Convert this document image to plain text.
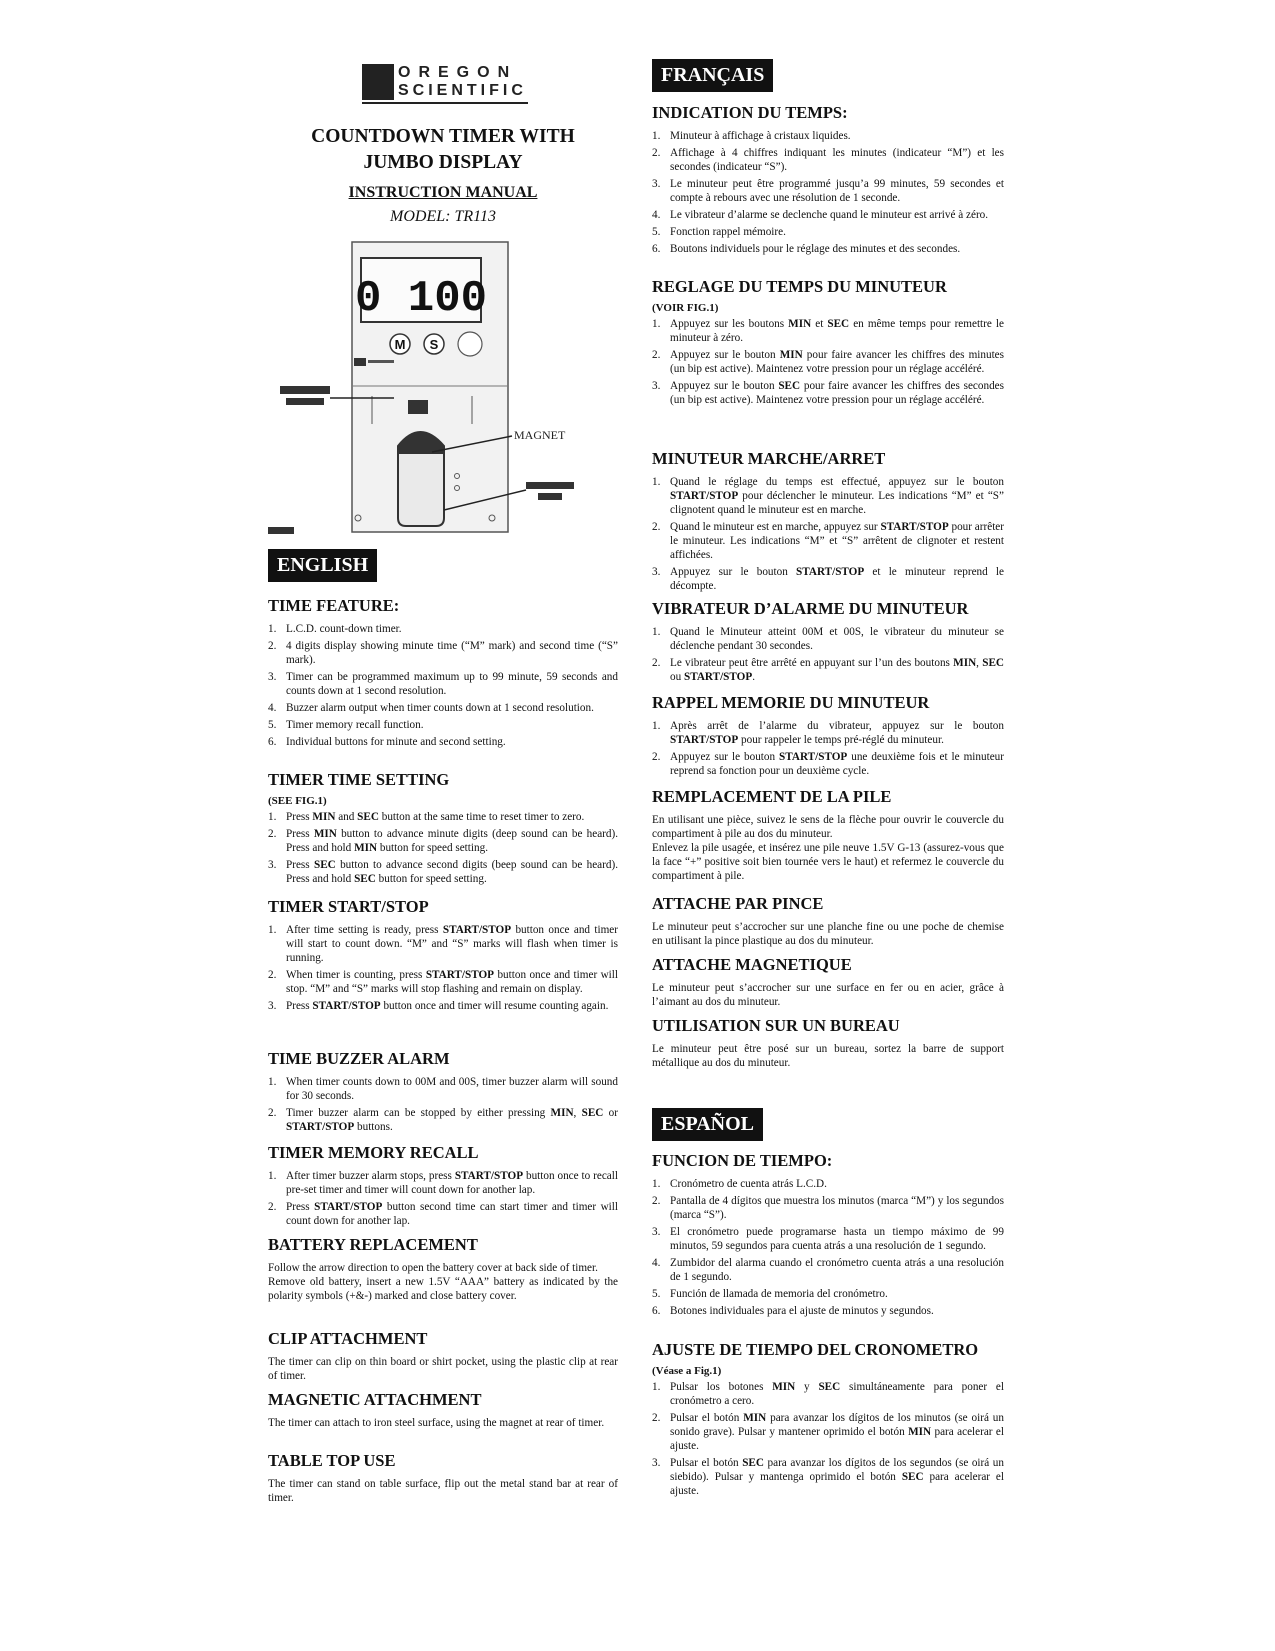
OREGON
SCIENTIFIC
COUNTDOWN TIMER WITH
JUMBO DISPLAY
INSTRUCTION MANUAL
MODEL: TR113
0 100
M S
MAGNET
ENGLISH
TIME FEATURE:
1. L.C.D. count-down timer.
2. 4 digits display showing minute time (“M” mark) and second time (“S” mark).
3. Timer can be programmed maximum up to 99 minute, 59 seconds and counts down at 1 second resolution.
4. Buzzer alarm output when timer counts down at 1 second resolution.
5. Timer memory recall function.
6. Individual buttons for minute and second setting.
TIMER TIME SETTING
(SEE FIG.1)
1. Press MIN and SEC button at the same time to reset timer to zero.
2. Press MIN button to advance minute digits (deep sound can be heard). Press and hold MIN button for speed setting.
3. Press SEC button to advance second digits (beep sound can be heard). Press and hold SEC button for speed setting.
TIMER START/STOP
1. After time setting is ready, press START/STOP button once and timer will start to count down. “M” and “S” marks will flash when timer is running.
2. When timer is counting, press START/STOP button once and timer will stop. “M” and “S” marks will stop flashing and remain on display.
3. Press START/STOP button once and timer will resume counting again.
TIME BUZZER ALARM
1. When timer counts down to 00M and 00S, timer buzzer alarm will sound for 30 seconds.
2. Timer buzzer alarm can be stopped by either pressing MIN, SEC or START/STOP buttons.
TIMER MEMORY RECALL
1. After timer buzzer alarm stops, press START/STOP button once to recall pre-set timer and timer will count down for another lap.
2. Press START/STOP button second time can start timer and timer will count down for another lap.
BATTERY REPLACEMENT

Follow the arrow direction to open the battery cover at back side of timer.

Remove old battery, insert a new 1.5V “AAA” battery as indicated by the polarity symbols (+&-) marked and close battery cover.

CLIP ATTACHMENT

The timer can clip on thin board or shirt pocket, using the plastic clip at rear of timer.

MAGNETIC ATTACHMENT

The timer can attach to iron steel surface, using the magnet at rear of timer.

TABLE TOP USE

The timer can stand on table surface, flip out the metal stand bar at rear of timer.

FRANÇAIS
INDICATION DU TEMPS:
1. Minuteur à affichage à cristaux liquides.
2. Affichage à 4 chiffres indiquant les minutes (indicateur “M”) et les secondes (indicateur “S”).
3. Le minuteur peut être programmé jusqu’a 99 minutes, 59 secondes et compte à rebours avec une résolution de 1 seconde.
4. Le vibrateur d’alarme se declenche quand le minuteur est arrivé à zéro.
5. Fonction rappel mémoire.
6. Boutons individuels pour le réglage des minutes et des secondes.
REGLAGE DU TEMPS DU MINUTEUR
(VOIR FIG.1)
1. Appuyez sur les boutons MIN et SEC en même temps pour remettre le minuteur à zéro.
2. Appuyez sur le bouton MIN pour faire avancer les chiffres des minutes (un bip est active). Maintenez votre pression pour un réglage accéléré.
3. Appuyez sur le bouton SEC pour faire avancer les chiffres des secondes (un bip est active). Maintenez votre pression pour un réglage accéléré.
MINUTEUR MARCHE/ARRET
1. Quand le réglage du temps est effectué, appuyez sur le bouton START/STOP pour déclencher le minuteur. Les indications “M” et “S” clignotent quand le minuteur est en marche.
2. Quand le minuteur est en marche, appuyez sur START/STOP pour arrêter le minuteur. Les indications “M” et “S” arrêtent de clignoter et restent affichées.
3. Appuyez sur le bouton START/STOP et le minuteur reprend le décompte.
VIBRATEUR D’ALARME DU MINUTEUR
1. Quand le Minuteur atteint 00M et 00S, le vibrateur du minuteur se déclenche pendant 30 secondes.
2. Le vibrateur peut être arrêté en appuyant sur l’un des boutons MIN, SEC ou START/STOP.
RAPPEL MEMORIE DU MINUTEUR
1. Après arrêt de l’alarme du vibrateur, appuyez sur le bouton START/STOP pour rappeler le temps pré-réglé du minuteur.
2. Appuyez sur le bouton START/STOP une deuxième fois et le minuteur reprend sa fonction pour un deuxième cycle.
REMPLACEMENT DE LA PILE

En utilisant une pièce, suivez le sens de la flèche pour ouvrir le couvercle du compartiment à pile au dos du minuteur.

Enlevez la pile usagée, et insérez une pile neuve 1.5V G-13 (assurez-vous que la face “+” positive soit bien tournée vers le haut) et refermez le couvercle du compartiment à pile.

ATTACHE PAR PINCE

Le minuteur peut s’accrocher sur une planche fine ou une poche de chemise en utilisant la pince plastique au dos du minuteur.

ATTACHE MAGNETIQUE

Le minuteur peut s’accrocher sur une surface en fer ou en acier, grâce à l’aimant au dos du minuteur.

UTILISATION SUR UN BUREAU

Le minuteur peut être posé sur un bureau, sortez la barre de support métallique au dos du minuteur.

ESPAÑOL
FUNCION DE TIEMPO:
1. Cronómetro de cuenta atrás L.C.D.
2. Pantalla de 4 dígitos que muestra los minutos (marca “M”) y los segundos (marca “S”).
3. El cronómetro puede programarse hasta un tiempo máximo de 99 minutos, 59 segundos para cuenta atrás a una resolución de 1 segundo.
4. Zumbidor del alarma cuando el cronómetro cuenta atrás a una resolución de 1 segundo.
5. Función de llamada de memoria del cronómetro.
6. Botones individuales para el ajuste de minutos y segundos.
AJUSTE DE TIEMPO DEL CRONOMETRO
(Véase a Fig.1)
1. Pulsar los botones MIN y SEC simultáneamente para poner el cronómetro a cero.
2. Pulsar el botón MIN para avanzar los dígitos de los minutos (se oirá un sonido grave). Pulsar y mantener oprimido el botón MIN para acelerar el ajuste.
3. Pulsar el botón SEC para avanzar los dígitos de los segundos (se oirá un siebido). Pulsar y mantenga oprimido el botón SEC para acelerar el ajuste.
